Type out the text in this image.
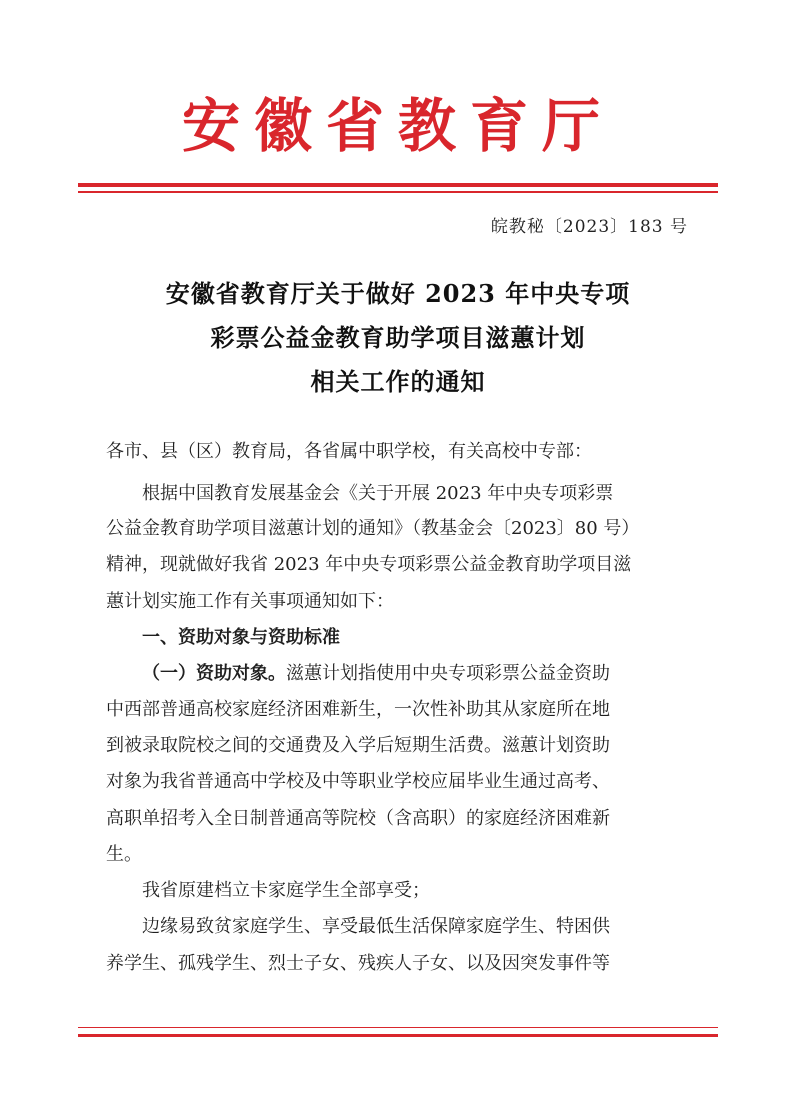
安徽省教育厅
皖教秘〔2023〕183 号
安徽省教育厅关于做好 2023 年中央专项
彩票公益金教育助学项目滋蕙计划
相关工作的通知
各市、县（区）教育局，各省属中职学校，有关高校中专部：
根据中国教育发展基金会《关于开展 2023 年中央专项彩票
公益金教育助学项目滋蕙计划的通知》（教基金会〔2023〕80 号）
精神，现就做好我省 2023 年中央专项彩票公益金教育助学项目滋
蕙计划实施工作有关事项通知如下：
一、资助对象与资助标准
（一）资助对象。滋蕙计划指使用中央专项彩票公益金资助
中西部普通高校家庭经济困难新生，一次性补助其从家庭所在地
到被录取院校之间的交通费及入学后短期生活费。滋蕙计划资助
对象为我省普通高中学校及中等职业学校应届毕业生通过高考、
高职单招考入全日制普通高等院校（含高职）的家庭经济困难新
生。
我省原建档立卡家庭学生全部享受；
边缘易致贫家庭学生、享受最低生活保障家庭学生、特困供
养学生、孤残学生、烈士子女、残疾人子女、以及因突发事件等
